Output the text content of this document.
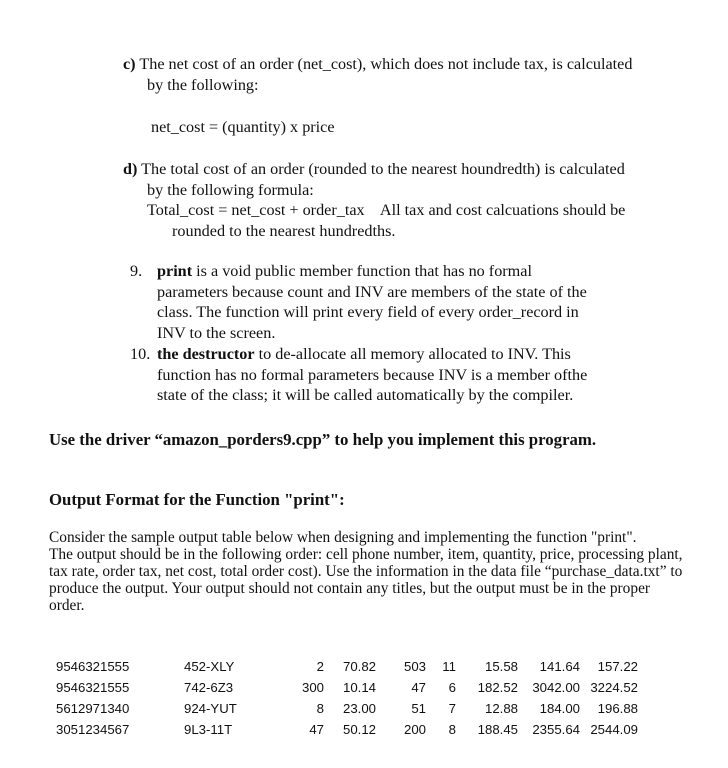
c) The net cost of an order (net_cost), which does not include tax, is calculated
by the following:
net_cost = (quantity) x price
d) The total cost of an order (rounded to the nearest houndredth) is calculated
by the following formula:
Total_cost = net_cost + order_tax    All tax and cost calcuations should be
rounded to the nearest hundredths.
9. print is a void public member function that has no formal
parameters because count and INV are members of the state of the
class. The function will print every field of every order_record in
INV to the screen.
10. the destructor to de-allocate all memory allocated to INV. This
function has no formal parameters because INV is a member ofthe
state of the class; it will be called automatically by the compiler.
Use the driver “amazon_porders9.cpp” to help you implement this program.
Output Format for the Function "print":
Consider the sample output table below when designing and implementing the function "print".
The output should be in the following order: cell phone number, item, quantity, price, processing plant,
tax rate, order tax, net cost, total order cost). Use the information in the data file “purchase_data.txt” to
produce the output. Your output should not contain any titles, but the output must be in the proper
order.
9546321555	452-XLY	2	70.82	503	11	15.58	141.64	157.22
9546321555	742-6Z3	300	10.14	47	6	182.52	3042.00	3224.52
5612971340	924-YUT	8	23.00	51	7	12.88	184.00	196.88
3051234567	9L3-11T	47	50.12	200	8	188.45	2355.64	2544.09
